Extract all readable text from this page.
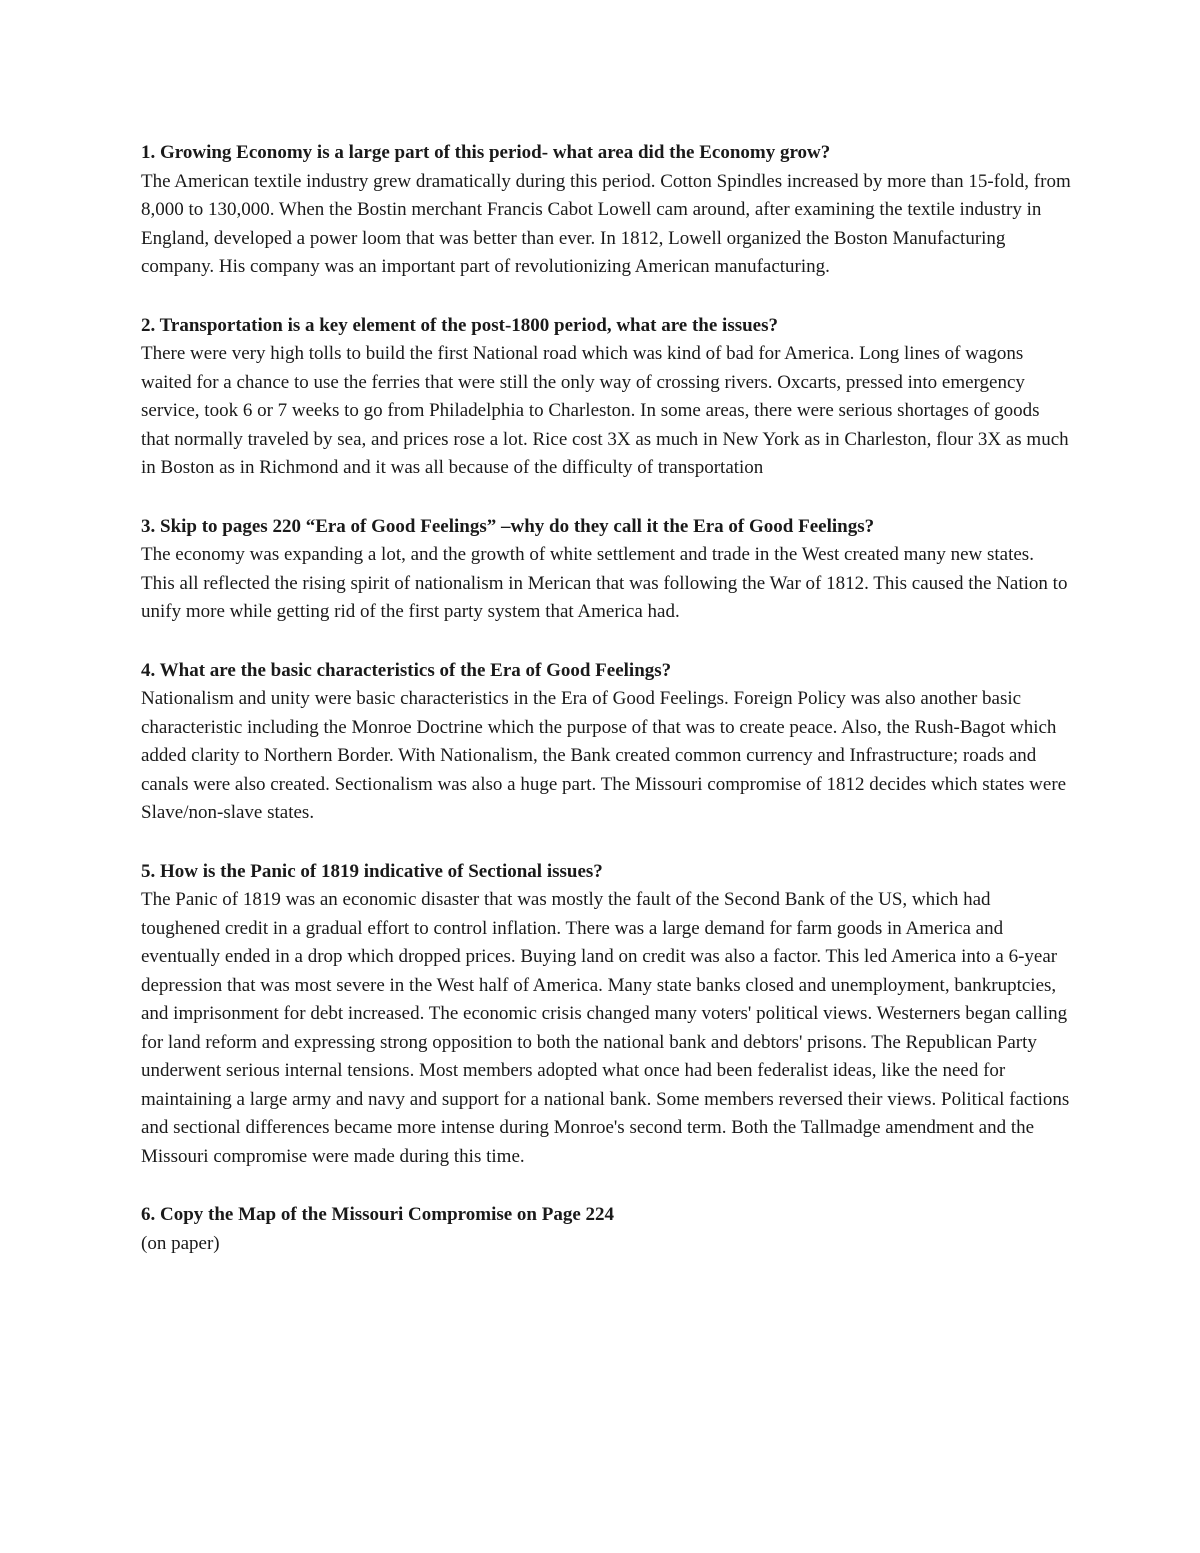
1. Growing Economy is a large part of this period- what area did the Economy grow?

The American textile industry grew dramatically during this period. Cotton Spindles increased by more than 15-fold, from 8,000 to 130,000. When the Bostin merchant Francis Cabot Lowell cam around, after examining the textile industry in England, developed a power loom that was better than ever. In 1812, Lowell organized the Boston Manufacturing company. His company was an important part of revolutionizing American manufacturing.

2. Transportation is a key element of the post-1800 period, what are the issues?

There were very high tolls to build the first National road which was kind of bad for America. Long lines of wagons waited for a chance to use the ferries that were still the only way of crossing rivers. Oxcarts, pressed into emergency service, took 6 or 7 weeks to go from Philadelphia to Charleston. In some areas, there were serious shortages of goods that normally traveled by sea, and prices rose a lot. Rice cost 3X as much in New York as in Charleston, flour 3X as much in Boston as in Richmond and it was all because of the difficulty of transportation

3. Skip to pages 220 “Era of Good Feelings” –why do they call it the Era of Good Feelings?

The economy was expanding a lot, and the growth of white settlement and trade in the West created many new states. This all reflected the rising spirit of nationalism in Merican that was following the War of 1812. This caused the Nation to unify more while getting rid of the first party system that America had.

4. What are the basic characteristics of the Era of Good Feelings?

Nationalism and unity were basic characteristics in the Era of Good Feelings. Foreign Policy was also another basic characteristic including the Monroe Doctrine which the purpose of that was to create peace. Also, the Rush-Bagot which added clarity to Northern Border. With Nationalism, the Bank created common currency and Infrastructure; roads and canals were also created. Sectionalism was also a huge part. The Missouri compromise of 1812 decides which states were Slave/non-slave states.

5. How is the Panic of 1819 indicative of Sectional issues?

The Panic of 1819 was an economic disaster that was mostly the fault of the Second Bank of the US, which had toughened credit in a gradual effort to control inflation. There was a large demand for farm goods in America and eventually ended in a drop which dropped prices. Buying land on credit was also a factor. This led America into a 6-year depression that was most severe in the West half of America. Many state banks closed and unemployment, bankruptcies, and imprisonment for debt increased. The economic crisis changed many voters' political views. Westerners began calling for land reform and expressing strong opposition to both the national bank and debtors' prisons. The Republican Party underwent serious internal tensions. Most members adopted what once had been federalist ideas, like the need for maintaining a large army and navy and support for a national bank. Some members reversed their views. Political factions and sectional differences became more intense during Monroe's second term. Both the Tallmadge amendment and the Missouri compromise were made during this time.

6. Copy the Map of the Missouri Compromise on Page 224

(on paper)
